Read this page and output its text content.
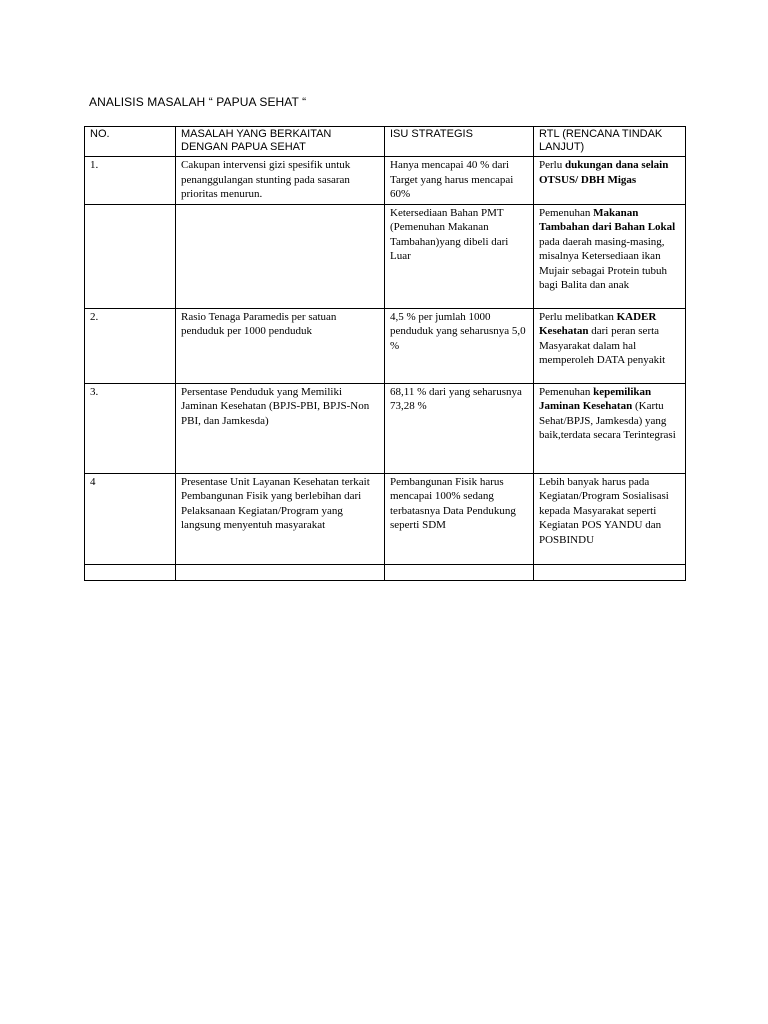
ANALISIS MASALAH “ PAPUA SEHAT “
NO.	MASALAH YANG BERKAITAN DENGAN PAPUA SEHAT	ISU STRATEGIS	RTL (RENCANA TINDAK LANJUT)
1.	Cakupan intervensi gizi spesifik untuk penanggulangan stunting pada sasaran prioritas menurun.	Hanya mencapai 40 % dari Target yang harus mencapai 60%	Perlu dukungan dana selain OTSUS/ DBH Migas
		Ketersediaan Bahan PMT (Pemenuhan Makanan Tambahan)yang dibeli dari Luar	Pemenuhan Makanan Tambahan dari Bahan Lokal pada daerah masing-masing, misalnya Ketersediaan ikan Mujair sebagai Protein tubuh bagi Balita dan anak
2.	Rasio Tenaga Paramedis per satuan penduduk per 1000 penduduk	4,5 % per jumlah 1000 penduduk yang seharusnya 5,0 %	Perlu melibatkan KADER Kesehatan dari peran serta Masyarakat dalam hal memperoleh DATA penyakit
3.	Persentase Penduduk yang Memiliki Jaminan Kesehatan (BPJS-PBI, BPJS-Non PBI, dan Jamkesda)	68,11 % dari yang seharusnya 73,28 %	Pemenuhan kepemilikan Jaminan Kesehatan (Kartu Sehat/BPJS, Jamkesda) yang baik,terdata secara Terintegrasi
4	Presentase Unit Layanan Kesehatan terkait Pembangunan Fisik yang berlebihan dari Pelaksanaan Kegiatan/Program yang langsung menyentuh masyarakat	Pembangunan Fisik harus mencapai 100% sedang terbatasnya Data Pendukung seperti SDM	Lebih banyak harus pada Kegiatan/Program Sosialisasi kepada Masyarakat seperti Kegiatan POS YANDU dan POSBINDU
